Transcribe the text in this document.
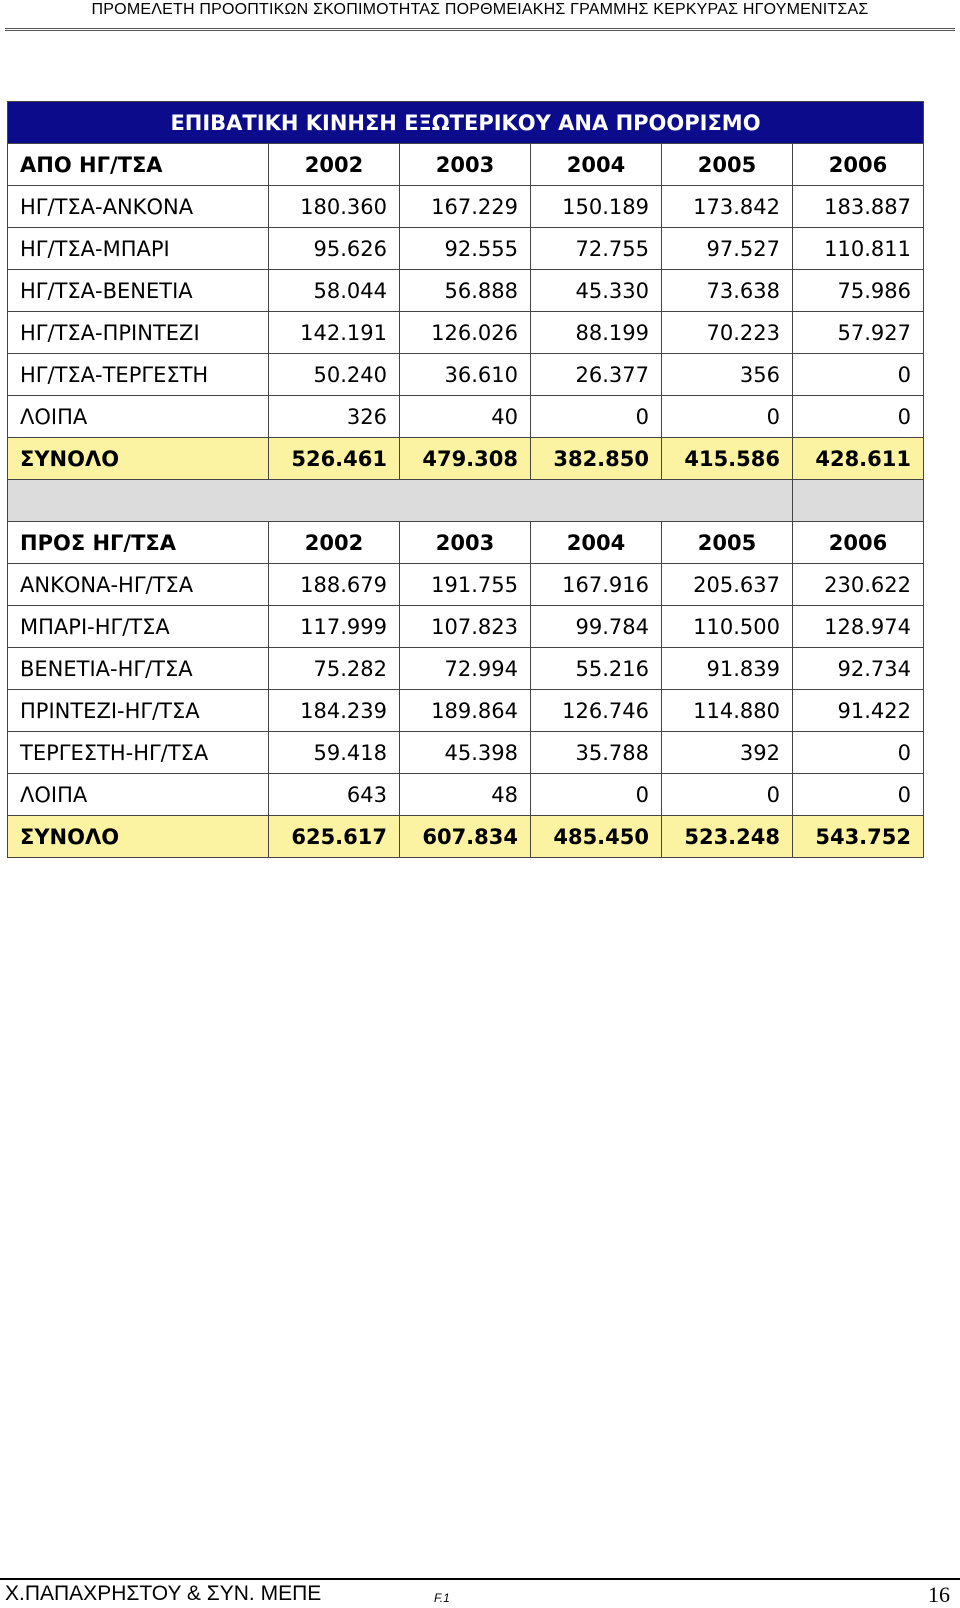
ΠΡΟΜΕΛΕΤΗ ΠΡΟΟΠΤΙΚΩΝ ΣΚΟΠΙΜΟΤΗΤΑΣ ΠΟΡΘΜΕΙΑΚΗΣ ΓΡΑΜΜΗΣ ΚΕΡΚΥΡΑΣ ΗΓΟΥΜΕΝΙΤΣΑΣ
ΕΠΙΒΑΤΙΚΗ ΚΙΝΗΣΗ ΕΞΩΤΕΡΙΚΟΥ ΑΝΑ ΠΡΟΟΡΙΣΜΟ					
ΑΠΟ ΗΓ/ΤΣΑ	2002	2003	2004	2005	2006
ΗΓ/ΤΣΑ-ΑΝΚΟΝΑ	180.360	167.229	150.189	173.842	183.887
ΗΓ/ΤΣΑ-ΜΠΑΡΙ	95.626	92.555	72.755	97.527	110.811
ΗΓ/ΤΣΑ-ΒΕΝΕΤΙΑ	58.044	56.888	45.330	73.638	75.986
ΗΓ/ΤΣΑ-ΠΡΙΝΤΕΖΙ	142.191	126.026	88.199	70.223	57.927
ΗΓ/ΤΣΑ-ΤΕΡΓΕΣΤΗ	50.240	36.610	26.377	356	0
ΛΟΙΠΑ	326	40	0	0	0
ΣΥΝΟΛΟ	526.461	479.308	382.850	415.586	428.611

ΠΡΟΣ ΗΓ/ΤΣΑ	2002	2003	2004	2005	2006
ΑΝΚΟΝΑ-ΗΓ/ΤΣΑ	188.679	191.755	167.916	205.637	230.622
ΜΠΑΡΙ-ΗΓ/ΤΣΑ	117.999	107.823	99.784	110.500	128.974
ΒΕΝΕΤΙΑ-ΗΓ/ΤΣΑ	75.282	72.994	55.216	91.839	92.734
ΠΡΙΝΤΕΖΙ-ΗΓ/ΤΣΑ	184.239	189.864	126.746	114.880	91.422
ΤΕΡΓΕΣΤΗ-ΗΓ/ΤΣΑ	59.418	45.398	35.788	392	0
ΛΟΙΠΑ	643	48	0	0	0
ΣΥΝΟΛΟ	625.617	607.834	485.450	523.248	543.752
Χ.ΠΑΠΑΧΡΗΣΤΟΥ & ΣΥΝ. ΜΕΠΕ	F.1	16
